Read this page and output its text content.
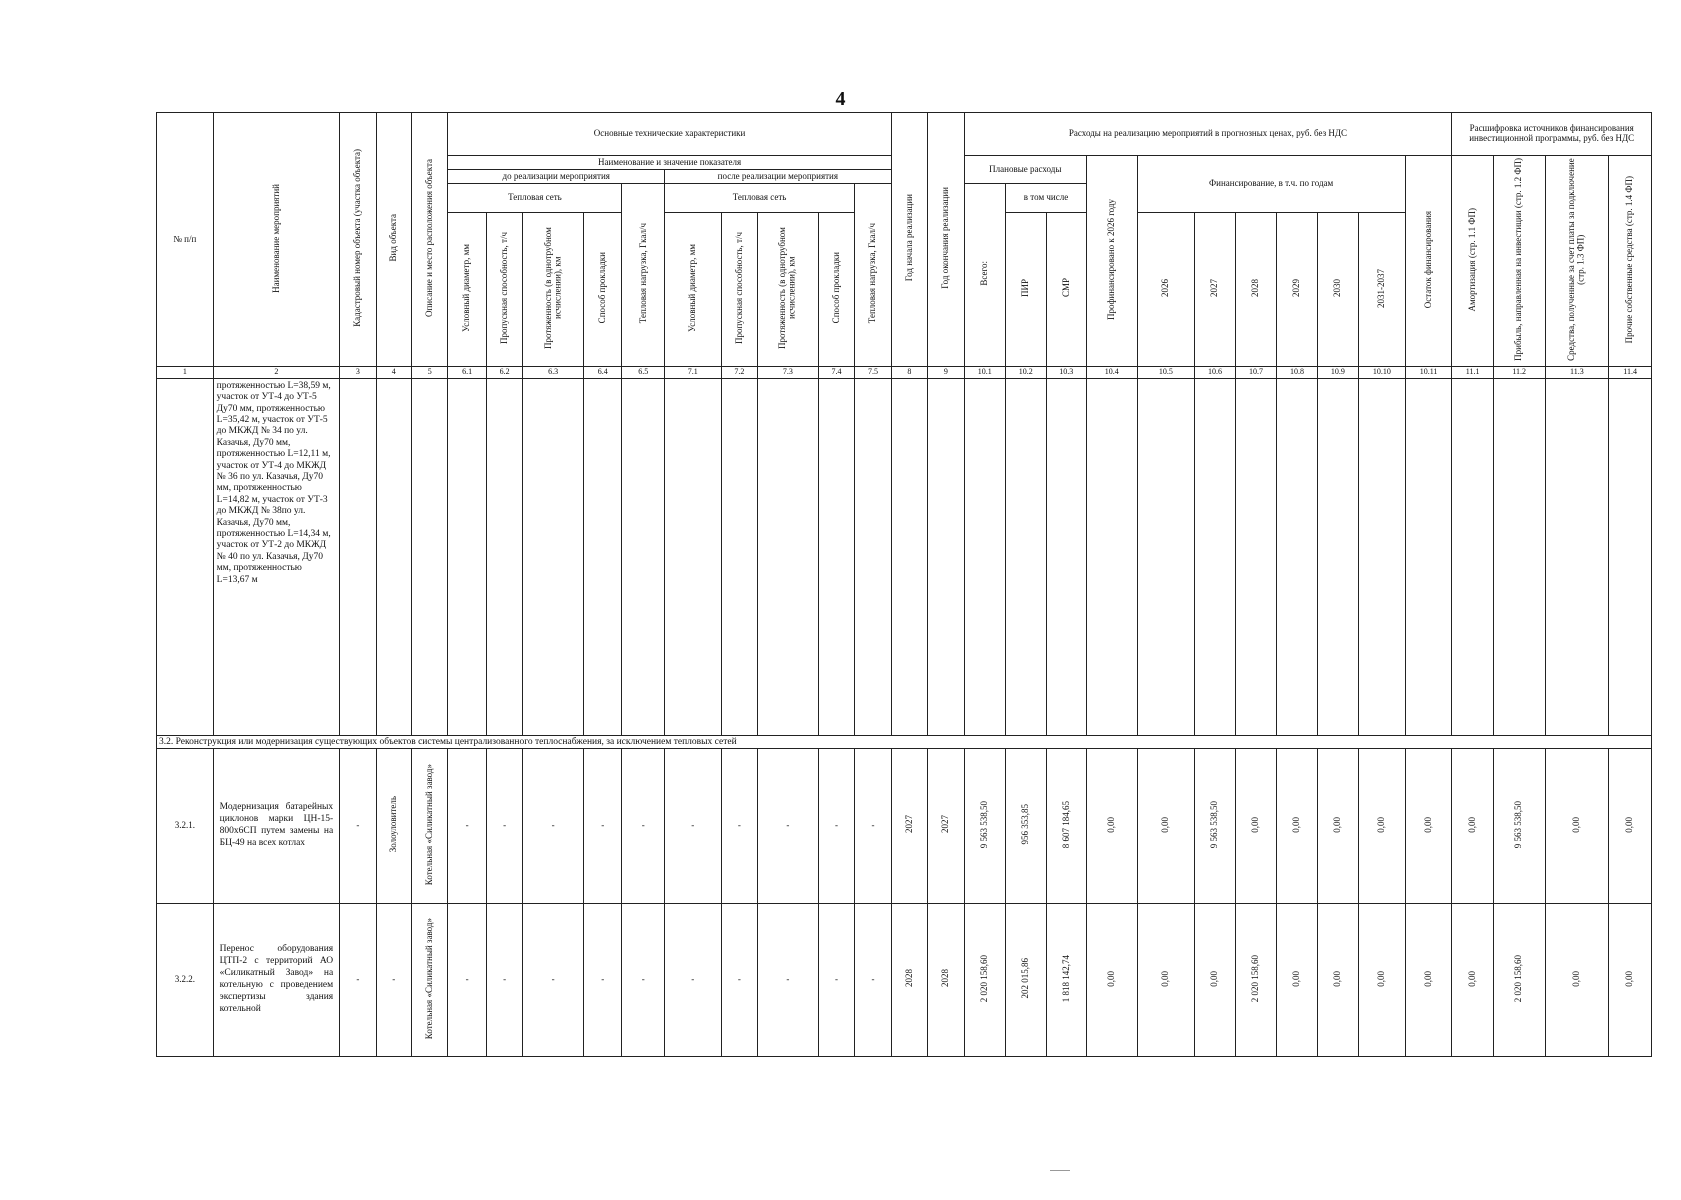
4
№ п/п	Наименование мероприятий	Кадастровый номер объекта (участка объекта)	Вид объекта	Описание и место расположения объекта	Основные технические характеристики										Год начала реализации	Год окончания реализации	Расходы на реализацию мероприятий в прогнозных ценах, руб. без НДС											Расшифровка источников финансирования инвестиционной программы, руб. без НДС			
					Наименование и значение показателя												Плановые расходы			Профинансировано к 2026 году	Финансирование, в т.ч. по годам						Остаток финансирования	Амортизация (стр. 1.1 ФП)	Прибыль, направленная на инвестиции (стр. 1.2 ФП)	Средства, полученные за счет платы за подключение (стр. 1.3 ФП)	Прочие собственные средства (стр. 1.4 ФП)
					до реализации мероприятия					после реализации мероприятия																					
					Тепловая сеть				Тепловая нагрузка, Гкал/ч	Тепловая сеть				Тепловая нагрузка, Гкал/ч			Всего:	в том числе													
					Условный диаметр, мм	Пропускная способность, т/ч	Протяженность (в однотрубном исчислении), км	Способ прокладки		Условный диаметр, мм	Пропускная способность, т/ч	Протяженность (в однотрубном исчислении), км	Способ прокладки					ПИР	СМР		2026	2027	2028	2029	2030	2031-2037					
1	2	3	4	5	6.1	6.2	6.3	6.4	6.5	7.1	7.2	7.3	7.4	7.5	8	9	10.1	10.2	10.3	10.4	10.5	10.6	10.7	10.8	10.9	10.10	10.11	11.1	11.2	11.3	11.4
	протяженностью L=38,59 м, участок от УТ-4 до УТ-5 Ду70 мм, протяженностью L=35,42 м, участок от УТ-5 до МКЖД № 34 по ул. Казачья, Ду70 мм, протяженностью L=12,11 м, участок от УТ-4 до МКЖД № 36 по ул. Казачья, Ду70 мм, протяженностью L=14,82 м, участок от УТ-3 до МКЖД № 38по ул. Казачья, Ду70 мм, протяженностью L=14,34 м, участок от УТ-2 до МКЖД № 40 по ул. Казачья, Ду70 мм, протяженностью L=13,67 м																														
3.2. Реконструкция или модернизация существующих объектов системы централизованного теплоснабжения, за исключением тепловых сетей																															
3.2.1.	Модернизация батарейных циклонов марки ЦН-15-800х6СП путем замены на БЦ-49 на всех котлах	-	Золоуловитель	Котельная «Силикатный завод»	-	-	-	-	-	-	-	-	-	-	2027	2027	9 563 538,50	956 353,85	8 607 184,65	0,00	0,00	9 563 538,50	0,00	0,00	0,00	0,00	0,00	0,00	9 563 538,50	0,00	0,00
3.2.2.	Перенос оборудования ЦТП-2 с территорий АО «Силикатный Завод» на котельную с проведением экспертизы здания котельной	-	-	Котельная «Силикатный завод»	-	-	-	-	-	-	-	-	-	-	2028	2028	2 020 158,60	202 015,86	1 818 142,74	0,00	0,00	0,00	2 020 158,60	0,00	0,00	0,00	0,00	0,00	2 020 158,60	0,00	0,00
